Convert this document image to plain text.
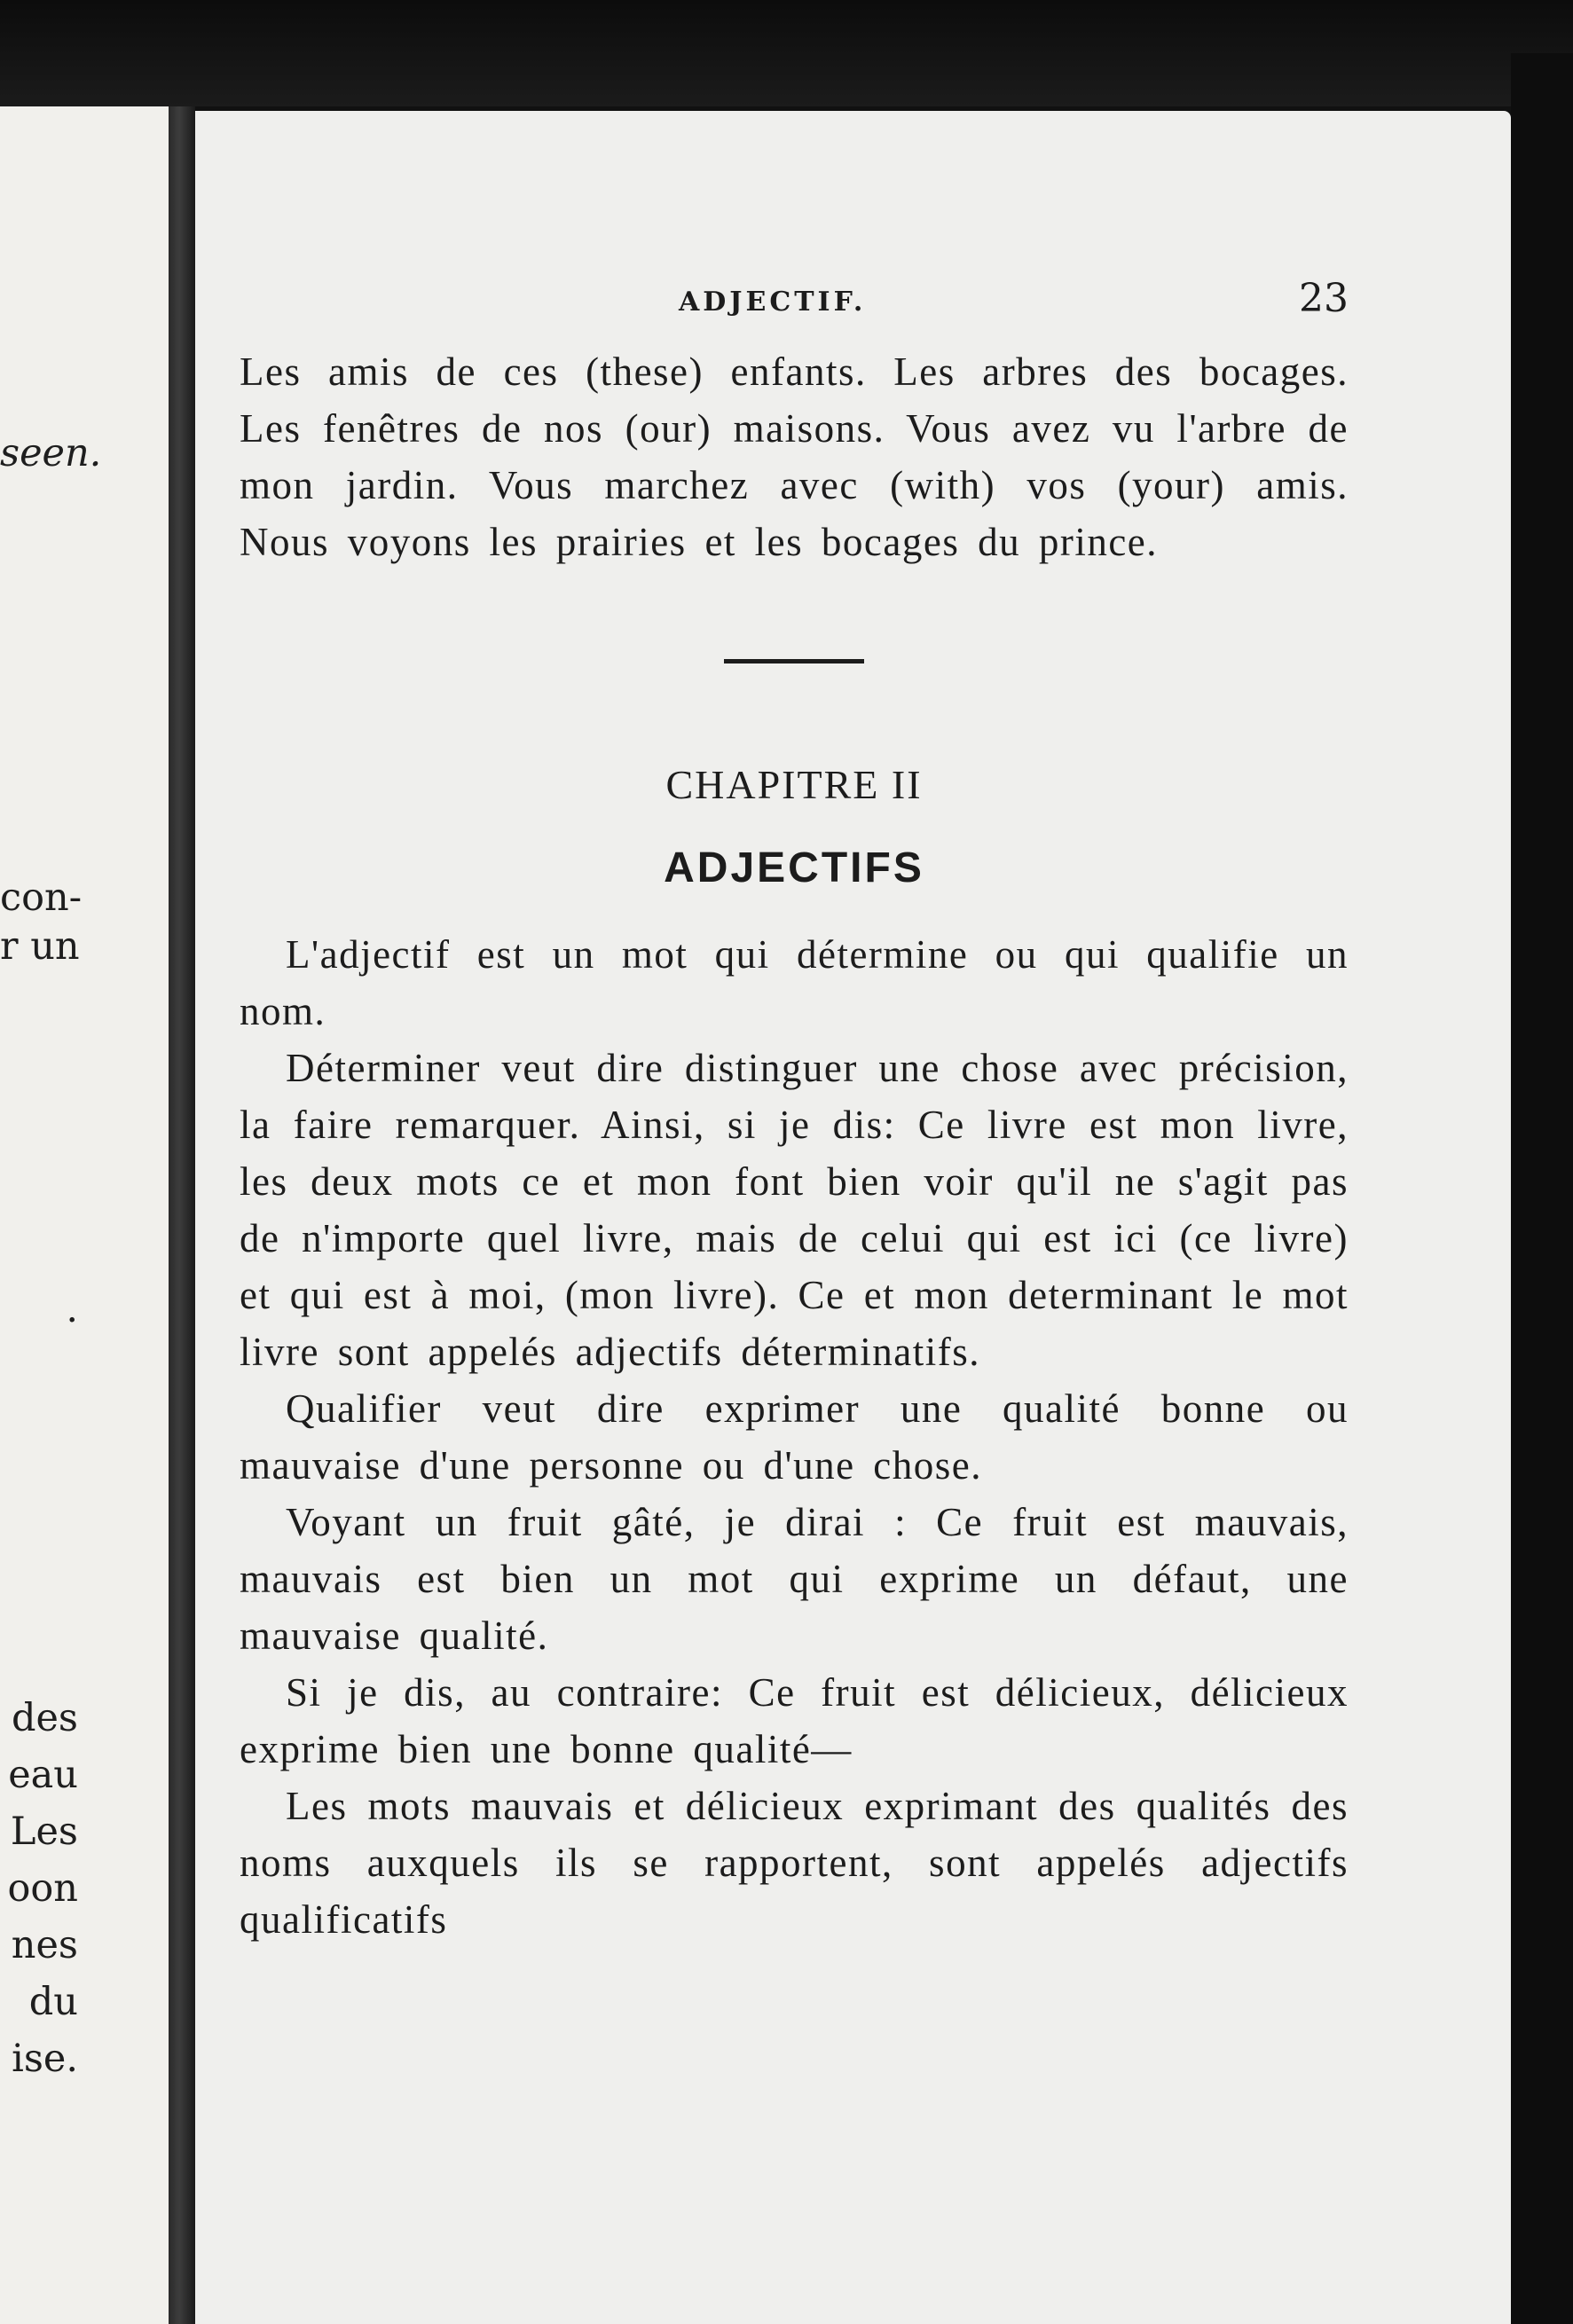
seen.
con-
r un
.
des
eau
Les
oon
nes
du
ise.
ADJECTIF.	23

Les amis de ces (these) enfants. Les arbres des bocages. Les fenêtres de nos (our) maisons. Vous avez vu l'arbre de mon jardin. Vous marchez avec (with) vos (your) amis. Nous voyons les prairies et les bocages du prince.

CHAPITRE II
ADJECTIFS

L'adjectif est un mot qui détermine ou qui qualifie un nom.

Déterminer veut dire distinguer une chose avec précision, la faire remarquer. Ainsi, si je dis: Ce livre est mon livre, les deux mots ce et mon font bien voir qu'il ne s'agit pas de n'importe quel livre, mais de celui qui est ici (ce livre) et qui est à moi, (mon livre). Ce et mon determinant le mot livre sont appelés adjectifs déterminatifs.

Qualifier veut dire exprimer une qualité bonne ou mauvaise d'une personne ou d'une chose.

Voyant un fruit gâté, je dirai : Ce fruit est mauvais, mauvais est bien un mot qui exprime un défaut, une mauvaise qualité.

Si je dis, au contraire: Ce fruit est délicieux, délicieux exprime bien une bonne qualité—

Les mots mauvais et délicieux exprimant des qualités des noms auxquels ils se rapportent, sont appelés adjectifs qualificatifs
